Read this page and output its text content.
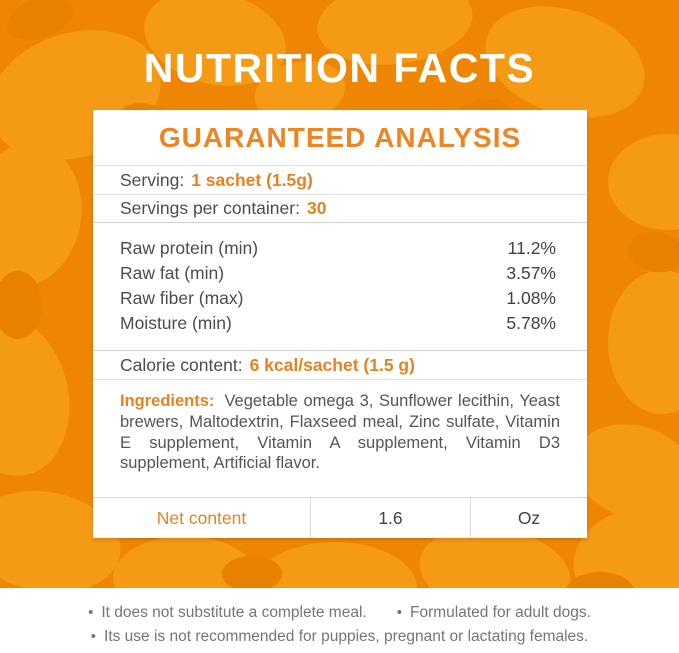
NUTRITION FACTS
GUARANTEED ANALYSIS
Serving: 1 sachet (1.5g)
Servings per container: 30
Raw protein (min)	11.2%
Raw fat (min)	3.57%
Raw fiber (max)	1.08%
Moisture (min)	5.78%
Calorie content: 6 kcal/sachet (1.5 g)
Ingredients: Vegetable omega 3, Sunflower lecithin, Yeast brewers, Maltodextrin, Flaxseed meal, Zinc sulfate, Vitamin E supplement, Vitamin A supplement, Vitamin D3 supplement, Artificial flavor.
Net content	1.6	Oz
• It does not substitute a complete meal. • Formulated for adult dogs.
• Its use is not recommended for puppies, pregnant or lactating females.
